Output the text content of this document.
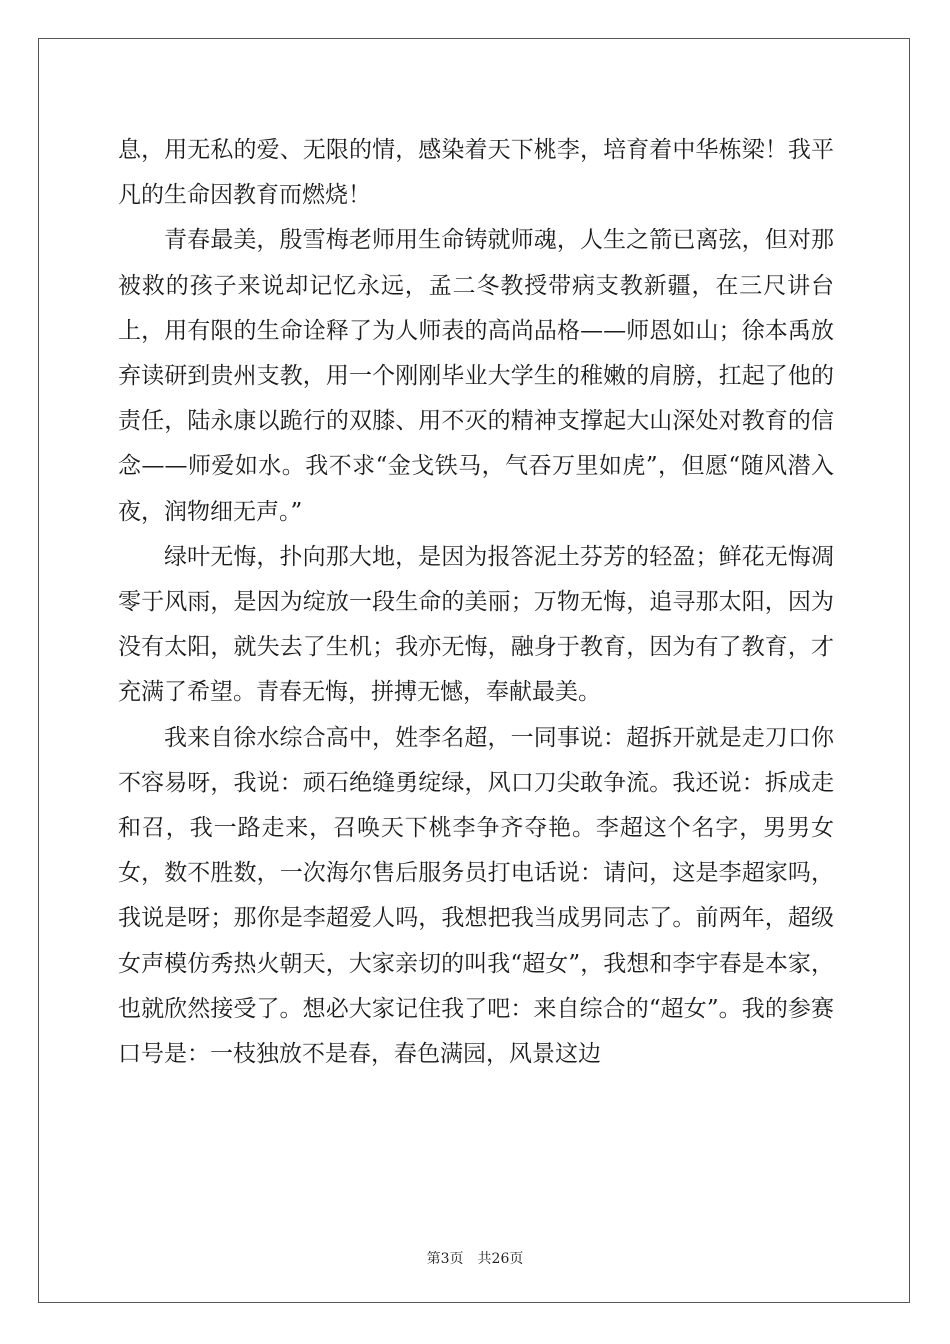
息，用无私的爱、无限的情，感染着天下桃李，培育着中华栋梁！我平凡的生命因教育而燃烧！

青春最美，殷雪梅老师用生命铸就师魂，人生之箭已离弦，但对那被救的孩子来说却记忆永远，孟二冬教授带病支教新疆，在三尺讲台上，用有限的生命诠释了为人师表的高尚品格——师恩如山；徐本禹放弃读研到贵州支教，用一个刚刚毕业大学生的稚嫩的肩膀，扛起了他的责任，陆永康以跪行的双膝、用不灭的精神支撑起大山深处对教育的信念——师爱如水。我不求“金戈铁马，气吞万里如虎”，但愿“随风潜入夜，润物细无声。”

绿叶无悔，扑向那大地，是因为报答泥土芬芳的轻盈；鲜花无悔凋零于风雨，是因为绽放一段生命的美丽；万物无悔，追寻那太阳，因为没有太阳，就失去了生机；我亦无悔，融身于教育，因为有了教育，才充满了希望。青春无悔，拼搏无憾，奉献最美。

我来自徐水综合高中，姓李名超，一同事说：超拆开就是走刀口你不容易呀，我说：顽石绝缝勇绽绿，风口刀尖敢争流。我还说：拆成走和召，我一路走来，召唤天下桃李争齐夺艳。李超这个名字，男男女女，数不胜数，一次海尔售后服务员打电话说：请问，这是李超家吗，我说是呀；那你是李超爱人吗，我想把我当成男同志了。前两年，超级女声模仿秀热火朝天，大家亲切的叫我“超女”，我想和李宇春是本家，也就欣然接受了。想必大家记住我了吧：来自综合的“超女”。我的参赛口号是：一枝独放不是春，春色满园，风景这边

第3页 共26页
